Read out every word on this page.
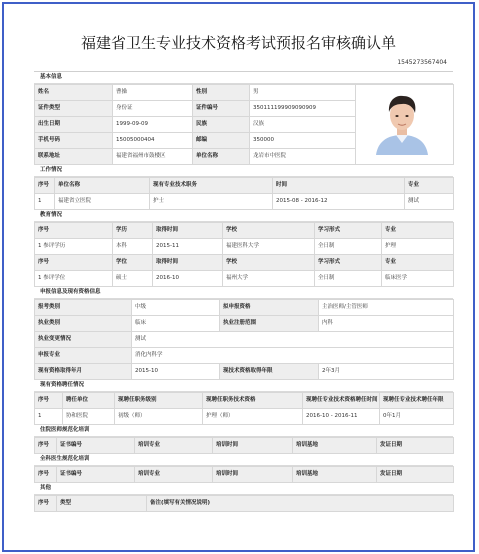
福建省卫生专业技术资格考试预报名审核确认单
1545273567404
基本信息
姓名	曹操	性别	男	

证件类型	身份证	证件编号	350111199909090909	
出生日期	1999-09-09	民族	汉族	
手机号码	15005000404	邮编	350000	
联系地址	福建省福州市鼓楼区	单位名称	龙岩市中医院	
工作情况
序号	单位名称	现有专业技术职务	时间	专业
1	福建省立医院	护士	2015-08 - 2016-12	测试
教育情况
序号	学历	取得时间	学校	学习形式	专业
1 参评学历	本科	2015-11	福建医科大学	全日制	护理
序号	学位	取得时间	学校	学习形式	专业
1 参评学位	硕士	2016-10	福州大学	全日制	临床医学
申报信息及现有资格信息
报考类别	中级	拟申报资格	主治医师/主管医师
执业类别	临床	执业注册范围	内科
执业变更情况	测试		
申报专业	消化内科学		
现有资格取得年月	2015-10	现技术资格取得年限	2年3月
现有资格聘任情况
序号	聘任单位	现聘任职务级别	现聘任职务技术资格	现聘任专业技术资格聘任时间	现聘任专业技术聘任年限
1	协和医院	初级（师）	护理（师）	2016-10 - 2016-11	0年1月
住院医师规范化培训
序号	证书编号	培训专业	培训时间	培训基地	发证日期
全科医生规范化培训
序号	证书编号	培训专业	培训时间	培训基地	发证日期
其他
序号	类型	备注(填写有关情况说明)
